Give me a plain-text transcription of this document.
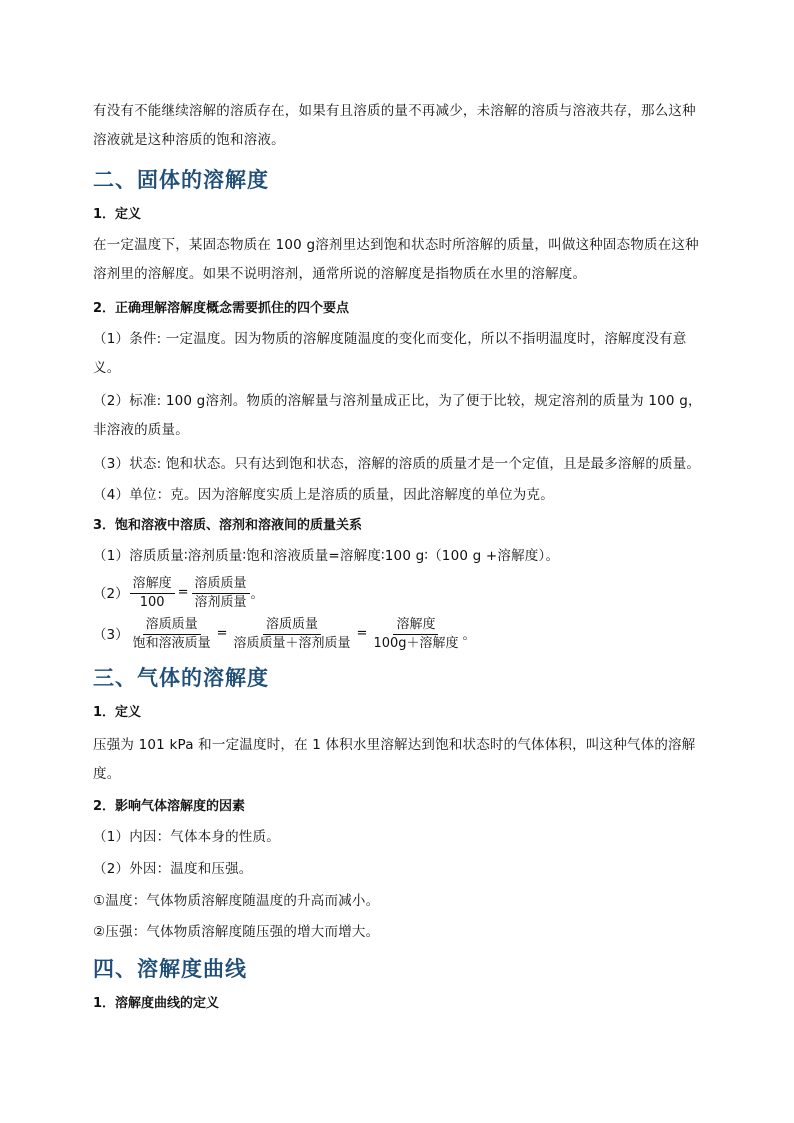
有没有不能继续溶解的溶质存在，如果有且溶质的量不再减少，未溶解的溶质与溶液共存，那么这种溶液就是这种溶质的饱和溶液。
二、固体的溶解度
1．定义
在一定温度下，某固态物质在 100 g溶剂里达到饱和状态时所溶解的质量，叫做这种固态物质在这种溶剂里的溶解度。如果不说明溶剂，通常所说的溶解度是指物质在水里的溶解度。
2．正确理解溶解度概念需要抓住的四个要点
（1）条件: 一定温度。因为物质的溶解度随温度的变化而变化，所以不指明温度时，溶解度没有意义。
（2）标准: 100 g溶剂。物质的溶解量与溶剂量成正比，为了便于比较，规定溶剂的质量为 100 g，非溶液的质量。
（3）状态: 饱和状态。只有达到饱和状态，溶解的溶质的质量才是一个定值，且是最多溶解的质量。
（4）单位：克。因为溶解度实质上是溶质的质量，因此溶解度的单位为克。
3．饱和溶液中溶质、溶剂和溶液间的质量关系
（1）溶质质量∶溶剂质量∶饱和溶液质量=溶解度∶100 g∶（100 g +溶解度）。
$(2) \frac{\text{溶解度}}{100} = \frac{\text{溶质质量}}{\text{溶剂质量}}$ 。
$(3) \frac{\text{溶质质量}}{\text{饱和溶液质量}} = \frac{\text{溶质质量}}{\text{溶质质量＋溶剂质量}} = \frac{\text{溶解度}}{\text{100g＋溶解度}}$ 。
三、气体的溶解度
1．定义
压强为 101 kPa 和一定温度时，在 1 体积水里溶解达到饱和状态时的气体体积，叫这种气体的溶解度。
2．影响气体溶解度的因素
（1）内因：气体本身的性质。
（2）外因：温度和压强。
①温度：气体物质溶解度随温度的升高而减小。
②压强：气体物质溶解度随压强的增大而增大。
四、溶解度曲线
1．溶解度曲线的定义
